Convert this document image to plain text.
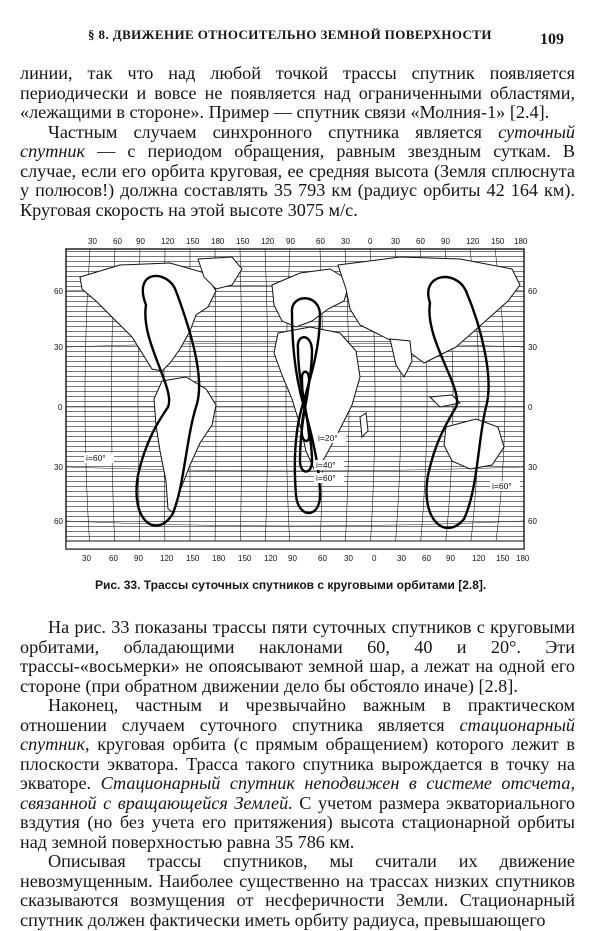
§ 8. ДВИЖЕНИЕ ОТНОСИТЕЛЬНО ЗЕМНОЙ ПОВЕРХНОСТИ	109

линии, так что над любой точкой трассы спутник появляется периодически и вовсе не появляется над ограниченными областями, «лежащими в стороне». Пример — спутник связи «Молния-1» [2.4].

Частным случаем синхронного спутника является суточный спутник — с периодом обращения, равным звездным суткам. В случае, если его орбита круговая, ее средняя высота (Земля сплюснута у полюсов!) должна составлять 35 793 км (радиус орбиты 42 164 км). Круговая скорость на этой высоте 3075 м/с.

30 60 90 120 150 180 150 120 90	60 30 0 30 60 90 120 150 180
30 60 90 120 150 180 150 120 90	60 30 0	30 60 90 120 150 180
60
30
0
30
60
60
30
0
30
60
i=20°
i=40°
i=60°
i=60°
i=60°
Рис. 33. Трассы суточных спутников с круговыми орбитами [2.8].

На рис. 33 показаны трассы пяти суточных спутников с круговыми орбитами, обладающими наклонами 60, 40 и 20°. Эти трассы-«восьмерки» не опоясывают земной шар, а лежат на одной его стороне (при обратном движении дело бы обстояло иначе) [2.8].

Наконец, частным и чрезвычайно важным в практическом отношении случаем суточного спутника является стационарный спутник, круговая орбита (с прямым обращением) которого лежит в плоскости экватора. Трасса такого спутника вырождается в точку на экваторе. Стационарный спутник неподвижен в системе отсчета, связанной с вращающейся Землей. С учетом размера экваториального вздутия (но без учета его притяжения) высота стационарной орбиты над земной поверхностью равна 35 786 км.

Описывая трассы спутников, мы считали их движение невозмущенным. Наиболее существенно на трассах низких спутников сказываются возмущения от несферичности Земли. Стационарный спутник должен фактически иметь орбиту радиуса, превышающего
